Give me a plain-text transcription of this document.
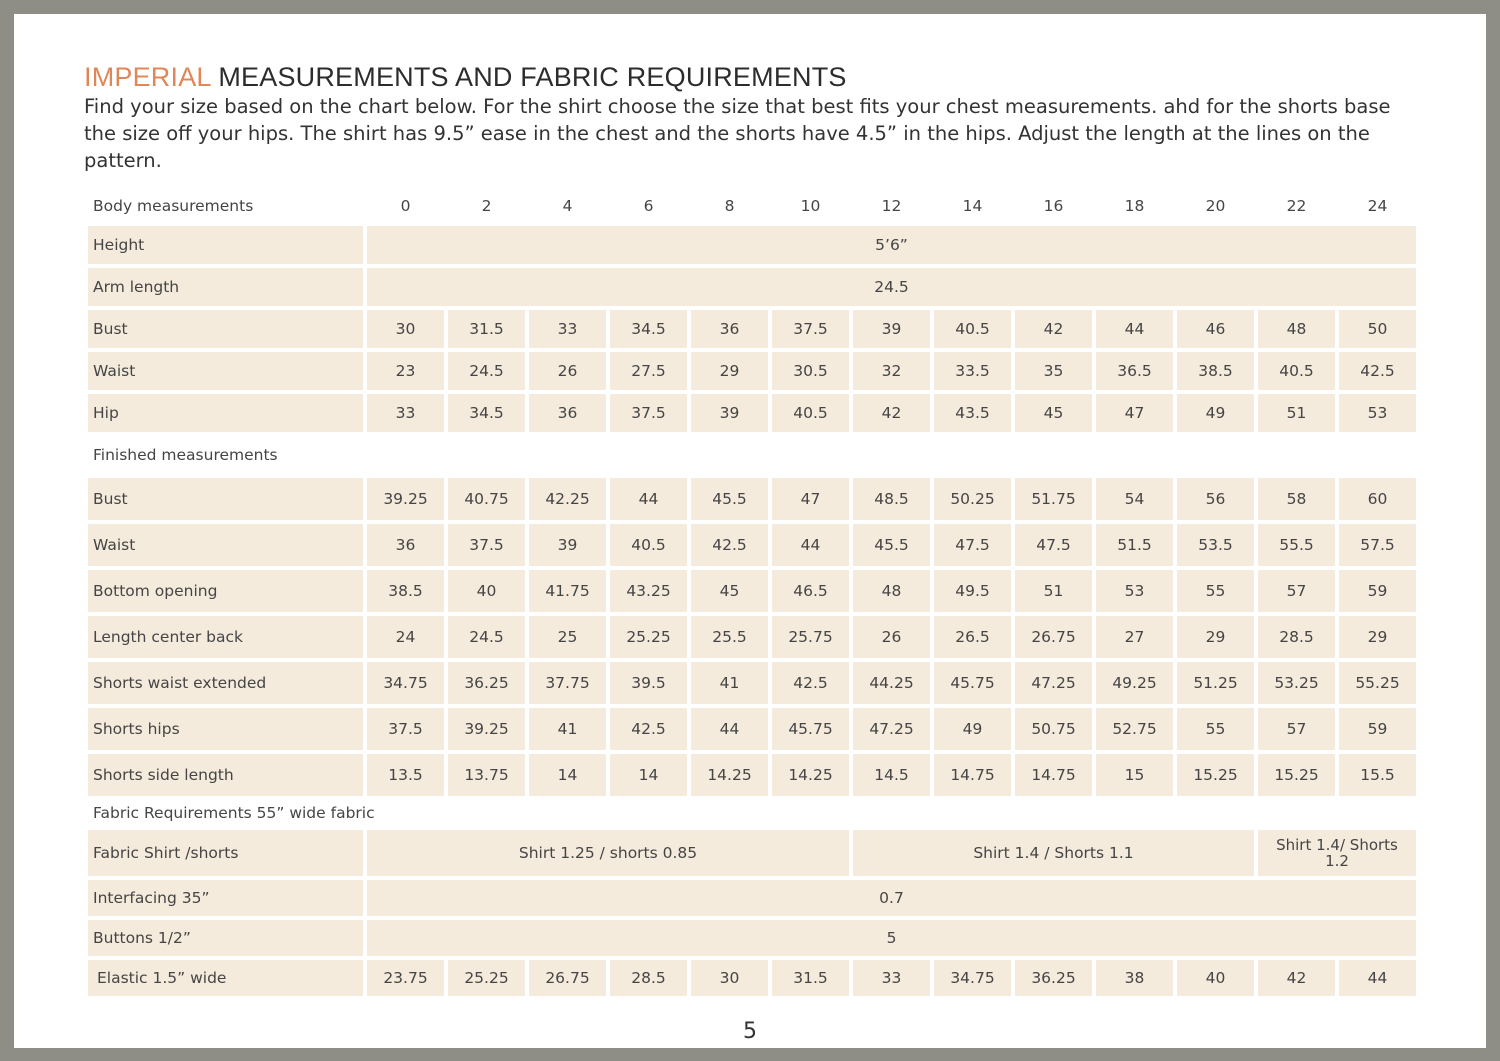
IMPERIAL MEASUREMENTS AND FABRIC REQUIREMENTS
Find your size based on the chart below. For the shirt choose the size that best fits your chest measurements. ahd for the shorts base
the size off your hips. The shirt has 9.5” ease in the chest and the shorts have 4.5” in the hips. Adjust the length at the lines on the
pattern.
Body measurements	0	2	4	6	8	10	12	14	16	18	20	22	24
Height	5’6”												
Arm length	24.5												
Bust	30	31.5	33	34.5	36	37.5	39	40.5	42	44	46	48	50
Waist	23	24.5	26	27.5	29	30.5	32	33.5	35	36.5	38.5	40.5	42.5
Hip	33	34.5	36	37.5	39	40.5	42	43.5	45	47	49	51	53
Finished measurements													
Bust	39.25	40.75	42.25	44	45.5	47	48.5	50.25	51.75	54	56	58	60
Waist	36	37.5	39	40.5	42.5	44	45.5	47.5	47.5	51.5	53.5	55.5	57.5
Bottom opening	38.5	40	41.75	43.25	45	46.5	48	49.5	51	53	55	57	59
Length center back	24	24.5	25	25.25	25.5	25.75	26	26.5	26.75	27	29	28.5	29
Shorts waist extended	34.75	36.25	37.75	39.5	41	42.5	44.25	45.75	47.25	49.25	51.25	53.25	55.25
Shorts hips	37.5	39.25	41	42.5	44	45.75	47.25	49	50.75	52.75	55	57	59
Shorts side length	13.5	13.75	14	14	14.25	14.25	14.5	14.75	14.75	15	15.25	15.25	15.5
Fabric Requirements 55” wide fabric													
Fabric Shirt /shorts	Shirt 1.25 / shorts 0.85						Shirt 1.4 / Shorts 1.1					Shirt 1.4/ Shorts
1.2	

Interfacing 35”	0.7												
Buttons 1/2”	5												
Elastic 1.5” wide	23.75	25.25	26.75	28.5	30	31.5	33	34.75	36.25	38	40	42	44
5
